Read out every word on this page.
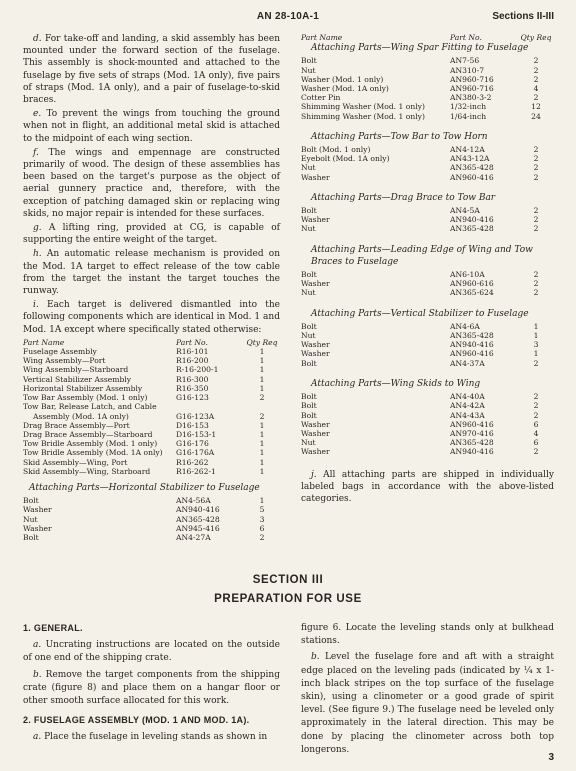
AN 28-10A-1	Sections II-III

d. For take-off and landing, a skid assembly has been mounted under the forward section of the fuselage. This assembly is shock-mounted and attached to the fuselage by five sets of straps (Mod. 1A only), five pairs of straps (Mod. 1A only), and a pair of fuselage-to-skid braces.

e. To prevent the wings from touching the ground when not in flight, an additional metal skid is attached to the midpoint of each wing section.

f. The wings and empennage are constructed primarily of wood. The design of these assemblies has been based on the target's purpose as the object of aerial gunnery practice and, therefore, with the exception of patching damaged skin or replacing wing skids, no major repair is intended for these surfaces.

g. A lifting ring, provided at CG, is capable of supporting the entire weight of the target.

h. An automatic release mechanism is provided on the Mod. 1A target to effect release of the tow cable from the target the instant the target touches the runway.

i. Each target is delivered dismantled into the following components which are identical in Mod. 1 and Mod. 1A except where specifically stated otherwise:

Part Name	Part No.	Qty Req
Fuselage Assembly	R16-101	1
Wing Assembly—Port	R16-200	1
Wing Assembly—Starboard	R-16-200-1	1
Vertical Stabilizer Assembly	R16-300	1
Horizontal Stabilizer Assembly	R16-350	1
Tow Bar Assembly (Mod. 1 only)	G16-123	2
Tow Bar, Release Latch, and Cable		
Assembly (Mod. 1A only)	G16-123A	2
Drag Brace Assembly—Port	D16-153	1
Drag Brace Assembly—Starboard	D16-153-1	1
Tow Bridle Assembly (Mod. 1 only)	G16-176	1
Tow Bridle Assembly (Mod. 1A only)	G16-176A	1
Skid Assembly—Wing, Port	R16-262	1
Skid Assembly—Wing, Starboard	R16-262-1	1
Attaching Parts—Horizontal Stabilizer to Fuselage
Bolt	AN4-56A	1
Washer	AN940-416	5
Nut	AN365-428	3
Washer	AN945-416	6
Bolt	AN4-27A	2
Part Name	Part No.	Qty Req
Attaching Parts—Wing Spar Fitting to Fuselage
Bolt	AN7-56	2
Nut	AN310-7	2
Washer (Mod. 1 only)	AN960-716	2
Washer (Mod. 1A only)	AN960-716	4
Cotter Pin	AN380-3-2	2
Shimming Washer (Mod. 1 only)	1/32-inch	12
Shimming Washer (Mod. 1 only)	1/64-inch	24
Attaching Parts—Tow Bar to Tow Horn
Bolt (Mod. 1 only)	AN4-12A	2
Eyebolt (Mod. 1A only)	AN43-12A	2
Nut	AN365-428	2
Washer	AN960-416	2
Attaching Parts—Drag Brace to Tow Bar
Bolt	AN4-5A	2
Washer	AN940-416	2
Nut	AN365-428	2
Attaching Parts—Leading Edge of Wing and Tow Braces to Fuselage
Bolt	AN6-10A	2
Washer	AN960-616	2
Nut	AN365-624	2
Attaching Parts—Vertical Stabilizer to Fuselage
Bolt	AN4-6A	1
Nut	AN365-428	1
Washer	AN940-416	3
Washer	AN960-416	1
Bolt	AN4-37A	2
Attaching Parts—Wing Skids to Wing
Bolt	AN4-40A	2
Bolt	AN4-42A	2
Bolt	AN4-43A	2
Washer	AN960-416	6
Washer	AN970-416	4
Nut	AN365-428	6
Washer	AN940-416	2

j. All attaching parts are shipped in individually labeled bags in accordance with the above-listed categories.

SECTION III
PREPARATION FOR USE
1. GENERAL.

a. Uncrating instructions are located on the outside of one end of the shipping crate.

b. Remove the target components from the shipping crate (figure 8) and place them on a hangar floor or other smooth surface allocated for this work.

2. FUSELAGE ASSEMBLY (MOD. 1 AND MOD. 1A).

a. Place the fuselage in leveling stands as shown in

figure 6. Locate the leveling stands only at bulkhead stations.

b. Level the fuselage fore and aft with a straight edge placed on the leveling pads (indicated by ¼ x 1-inch black stripes on the top surface of the fuselage skin), using a clinometer or a good grade of spirit level. (See figure 9.) The fuselage need be leveled only approximately in the lateral direction. This may be done by placing the clinometer across both top longerons.

3
